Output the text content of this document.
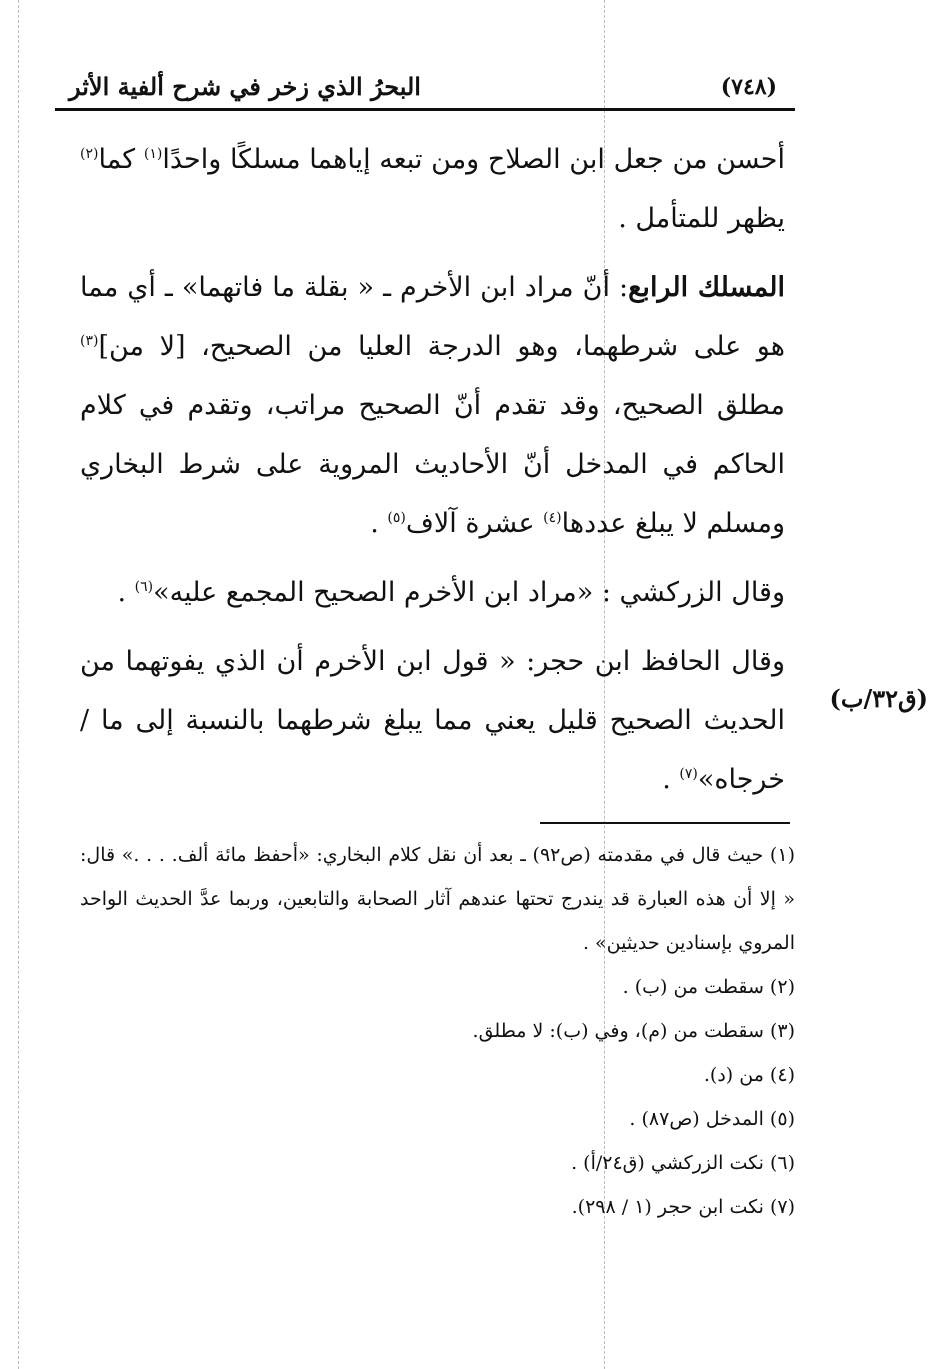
(٧٤٨)
البحرُ الذي زخر في شرح ألفية الأثر

أحسن من جعل ابن الصلاح ومن تبعه إياهما مسلكًا واحدًا$^{(١)}$ كما$^{(٢)}$ يظهر للمتأمل .

المسلك الرابع: أنّ مراد ابن الأخرم ـ « بقلة ما فاتهما» ـ أي مما هو على شرطهما، وهو الدرجة العليا من الصحيح، [لا من]$^{(٣)}$ مطلق الصحيح، وقد تقدم أنّ الصحيح مراتب، وتقدم في كلام الحاكم في المدخل أنّ الأحاديث المروية على شرط البخاري ومسلم لا يبلغ عددها$^{(٤)}$ عشرة آلاف$^{(٥)}$ .

وقال الزركشي : «مراد ابن الأخرم الصحيح المجمع عليه»$^{(٦)}$ .

وقال الحافظ ابن حجر: « قول ابن الأخرم أن الذي يفوتهما من الحديث الصحيح قليل يعني مما يبلغ شرطهما بالنسبة إلى ما / خرجاه»$^{(٧)}$ .

(ق٣٢/ب)

(١) حيث قال في مقدمته (ص٩٢) ـ بعد أن نقل كلام البخاري: «أحفظ مائة ألف. . . .» قال: « إلا أن هذه العبارة قد يندرج تحتها عندهم آثار الصحابة والتابعين، وربما عدَّ الحديث الواحد المروي بإسنادين حديثين» .

(٢) سقطت من (ب) .

(٣) سقطت من (م)، وفي (ب): لا مطلق.

(٤) من (د).

(٥) المدخل (ص٨٧) .

(٦) نكت الزركشي (ق٢٤/أ) .

(٧) نكت ابن حجر (١ / ٢٩٨).
